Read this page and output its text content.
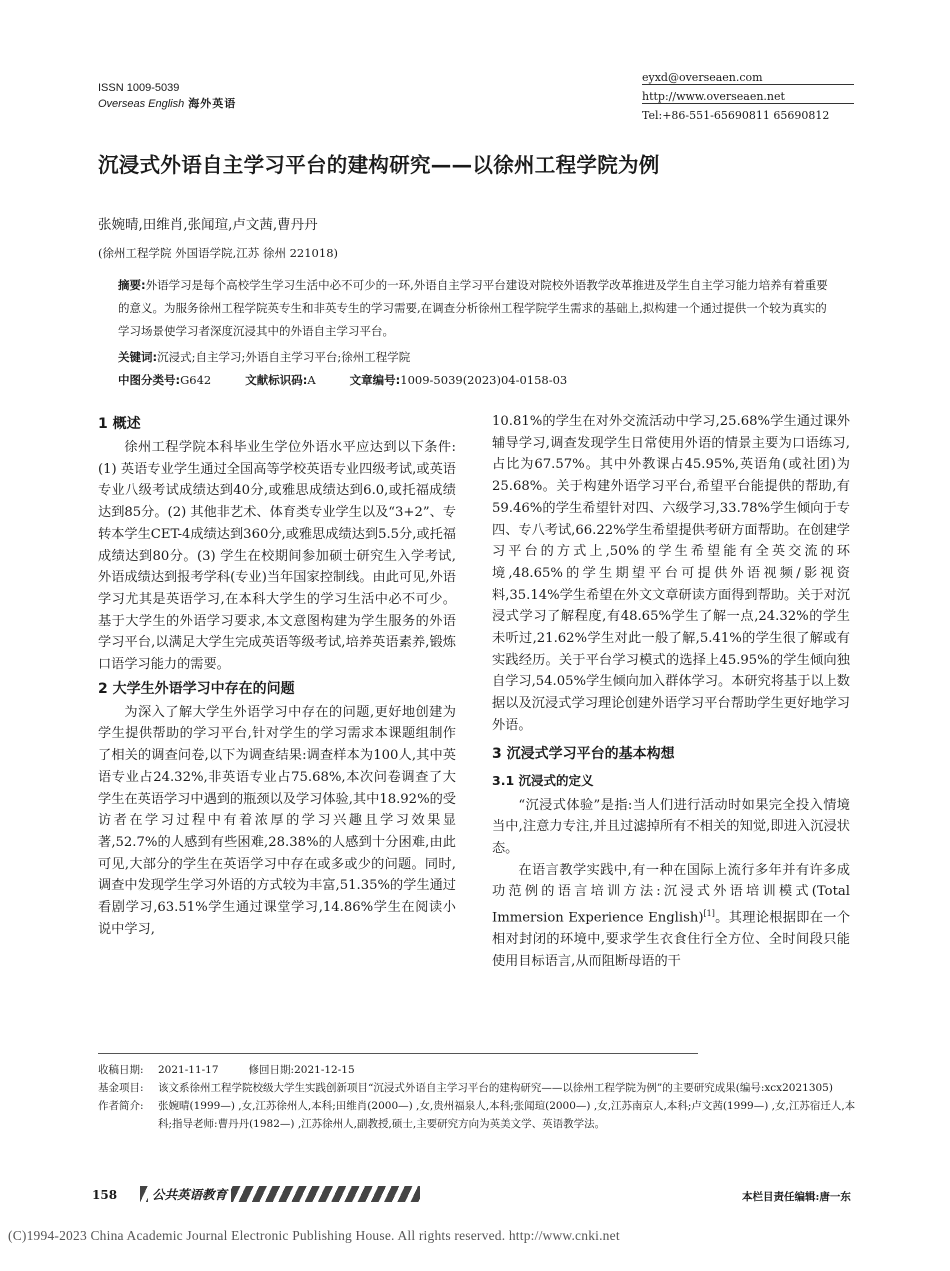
ISSN 1009-5039
Overseas English 海外英语
eyxd@overseaen.com
http://www.overseaen.net
Tel:+86-551-65690811 65690812
沉浸式外语自主学习平台的建构研究——以徐州工程学院为例
张婉晴,田维肖,张闻瑄,卢文茜,曹丹丹
(徐州工程学院 外国语学院,江苏 徐州 221018)
摘要:外语学习是每个高校学生学习生活中必不可少的一环,外语自主学习平台建设对院校外语教学改革推进及学生自主学习能力培养有着重要的意义。为服务徐州工程学院英专生和非英专生的学习需要,在调查分析徐州工程学院学生需求的基础上,拟构建一个通过提供一个较为真实的学习场景使学习者深度沉浸其中的外语自主学习平台。
关键词:沉浸式;自主学习;外语自主学习平台;徐州工程学院
中图分类号:G642	文献标识码:A	文章编号:1009-5039(2023)04-0158-03
1 概述

徐州工程学院本科毕业生学位外语水平应达到以下条件:(1) 英语专业学生通过全国高等学校英语专业四级考试,或英语专业八级考试成绩达到40分,或雅思成绩达到6.0,或托福成绩达到85分。(2) 其他非艺术、体育类专业学生以及“3+2”、专转本学生CET-4成绩达到360分,或雅思成绩达到5.5分,或托福成绩达到80分。(3) 学生在校期间参加硕士研究生入学考试,外语成绩达到报考学科(专业)当年国家控制线。由此可见,外语学习尤其是英语学习,在本科大学生的学习生活中必不可少。基于大学生的外语学习要求,本文意图构建为学生服务的外语学习平台,以满足大学生完成英语等级考试,培养英语素养,锻炼口语学习能力的需要。

2 大学生外语学习中存在的问题

为深入了解大学生外语学习中存在的问题,更好地创建为学生提供帮助的学习平台,针对学生的学习需求本课题组制作了相关的调查问卷,以下为调查结果:调查样本为100人,其中英语专业占24.32%,非英语专业占75.68%,本次问卷调查了大学生在英语学习中遇到的瓶颈以及学习体验,其中18.92%的受访者在学习过程中有着浓厚的学习兴趣且学习效果显著,52.7%的人感到有些困难,28.38%的人感到十分困难,由此可见,大部分的学生在英语学习中存在或多或少的问题。同时,调查中发现学生学习外语的方式较为丰富,51.35%的学生通过看剧学习,63.51%学生通过课堂学习,14.86%学生在阅读小说中学习,

10.81%的学生在对外交流活动中学习,25.68%学生通过课外辅导学习,调查发现学生日常使用外语的情景主要为口语练习,占比为67.57%。其中外教课占45.95%,英语角(或社团)为25.68%。关于构建外语学习平台,希望平台能提供的帮助,有59.46%的学生希望针对四、六级学习,33.78%学生倾向于专四、专八考试,66.22%学生希望提供考研方面帮助。在创建学习平台的方式上,50%的学生希望能有全英交流的环境,48.65%的学生期望平台可提供外语视频/影视资料,35.14%学生希望在外文文章研读方面得到帮助。关于对沉浸式学习了解程度,有48.65%学生了解一点,24.32%的学生未听过,21.62%学生对此一般了解,5.41%的学生很了解或有实践经历。关于平台学习模式的选择上45.95%的学生倾向独自学习,54.05%学生倾向加入群体学习。本研究将基于以上数据以及沉浸式学习理论创建外语学习平台帮助学生更好地学习外语。

3 沉浸式学习平台的基本构想
3.1 沉浸式的定义

“沉浸式体验”是指:当人们进行活动时如果完全投入情境当中,注意力专注,并且过滤掉所有不相关的知觉,即进入沉浸状态。

在语言教学实践中,有一种在国际上流行多年并有许多成功范例的语言培训方法:沉浸式外语培训模式(Total Immersion Experience English)[1]。其理论根据即在一个相对封闭的环境中,要求学生衣食住行全方位、全时间段只能使用目标语言,从而阻断母语的干

收稿日期:	2021-11-17	修回日期:2021-12-15
基金项目:	该文系徐州工程学院校级大学生实践创新项目“沉浸式外语自主学习平台的建构研究——以徐州工程学院为例”的主要研究成果(编号:xcx2021305)
作者简介:	张婉晴(1999—) ,女,江苏徐州人,本科;田维肖(2000—) ,女,贵州福泉人,本科;张闻瑄(2000—) ,女,江苏南京人,本科;卢文茜(1999—) ,女,江苏宿迁人,本科;指导老师:曹丹丹(1982—) ,江苏徐州人,副教授,硕士,主要研究方向为英美文学、英语教学法。
158	公共英语教育	本栏目责任编辑:唐一东
(C)1994-2023 China Academic Journal Electronic Publishing House. All rights reserved. http://www.cnki.net
